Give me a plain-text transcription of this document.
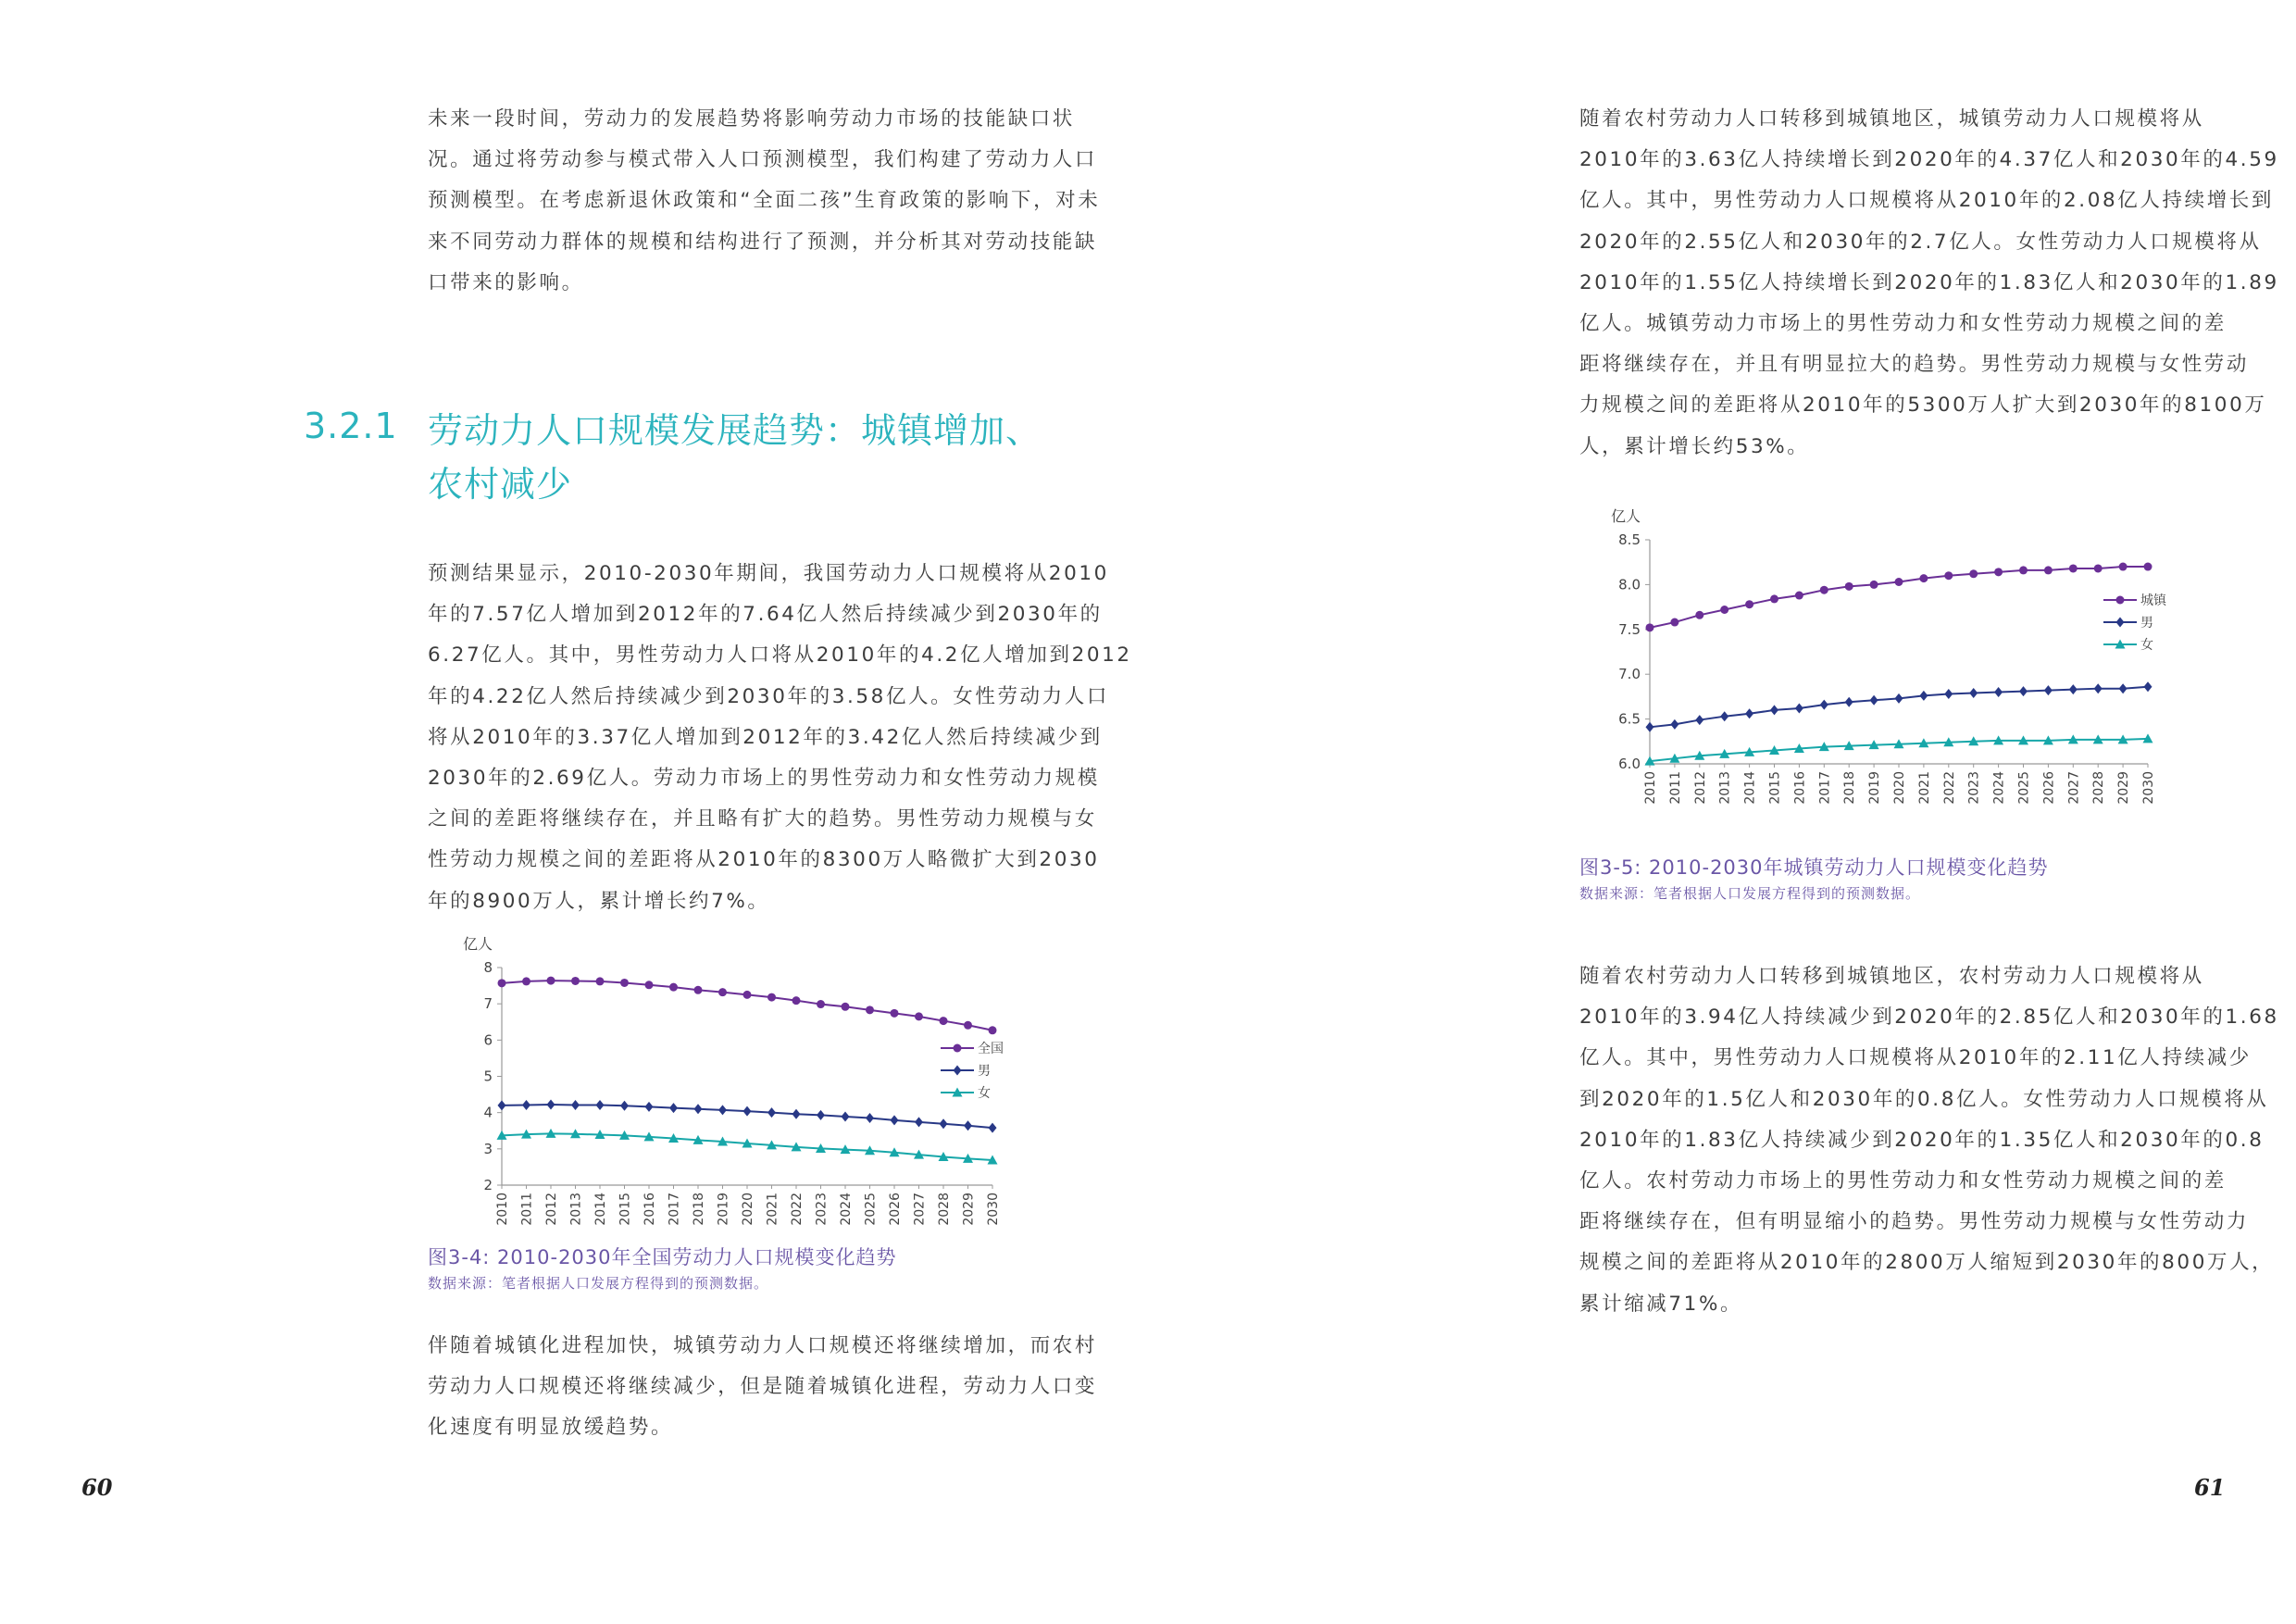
未来一段时间，劳动力的发展趋势将影响劳动力市场的技能缺口状

况。通过将劳动参与模式带入人口预测模型，我们构建了劳动力人口

预测模型。在考虑新退休政策和“全面二孩”生育政策的影响下，对未

来不同劳动力群体的规模和结构进行了预测，并分析其对劳动技能缺

口带来的影响。

3.2.1 劳动力人口规模发展趋势：城镇增加、

农村减少

预测结果显示，2010-2030年期间，我国劳动力人口规模将从2010

年的7.57亿人增加到2012年的7.64亿人然后持续减少到2030年的

6.27亿人。其中，男性劳动力人口将从2010年的4.2亿人增加到2012

年的4.22亿人然后持续减少到2030年的3.58亿人。女性劳动力人口

将从2010年的3.37亿人增加到2012年的3.42亿人然后持续减少到

2030年的2.69亿人。劳动力市场上的男性劳动力和女性劳动力规模

之间的差距将继续存在，并且略有扩大的趋势。男性劳动力规模与女

性劳动力规模之间的差距将从2010年的8300万人略微扩大到2030

年的8900万人，累计增长约7%。

亿人
2
3
4
5
6
7
8
2010 2011 2012 2013 2014 2015 2016 2017 2018 2019 2020 2021 2022 2023 2024 2025 2026 2027 2028 2029 2030
全国
男
女
图3-4: 2010-2030年全国劳动力人口规模变化趋势
数据来源：笔者根据人口发展方程得到的预测数据。

伴随着城镇化进程加快，城镇劳动力人口规模还将继续增加，而农村

劳动力人口规模还将继续减少，但是随着城镇化进程，劳动力人口变

化速度有明显放缓趋势。

60

随着农村劳动力人口转移到城镇地区，城镇劳动力人口规模将从

2010年的3.63亿人持续增长到2020年的4.37亿人和2030年的4.59

亿人。其中，男性劳动力人口规模将从2010年的2.08亿人持续增长到

2020年的2.55亿人和2030年的2.7亿人。女性劳动力人口规模将从

2010年的1.55亿人持续增长到2020年的1.83亿人和2030年的1.89

亿人。城镇劳动力市场上的男性劳动力和女性劳动力规模之间的差

距将继续存在，并且有明显拉大的趋势。男性劳动力规模与女性劳动

力规模之间的差距将从2010年的5300万人扩大到2030年的8100万

人，累计增长约53%。

亿人
6.0
6.5
7.0
7.5
8.0
8.5
2010 2011 2012 2013 2014 2015 2016 2017 2018 2019 2020 2021 2022 2023 2024 2025 2026 2027 2028 2029 2030
城镇
男
女
图3-5: 2010-2030年城镇劳动力人口规模变化趋势
数据来源：笔者根据人口发展方程得到的预测数据。

随着农村劳动力人口转移到城镇地区，农村劳动力人口规模将从

2010年的3.94亿人持续减少到2020年的2.85亿人和2030年的1.68

亿人。其中，男性劳动力人口规模将从2010年的2.11亿人持续减少

到2020年的1.5亿人和2030年的0.8亿人。女性劳动力人口规模将从

2010年的1.83亿人持续减少到2020年的1.35亿人和2030年的0.8

亿人。农村劳动力市场上的男性劳动力和女性劳动力规模之间的差

距将继续存在，但有明显缩小的趋势。男性劳动力规模与女性劳动力

规模之间的差距将从2010年的2800万人缩短到2030年的800万人，

累计缩减71%。

61
